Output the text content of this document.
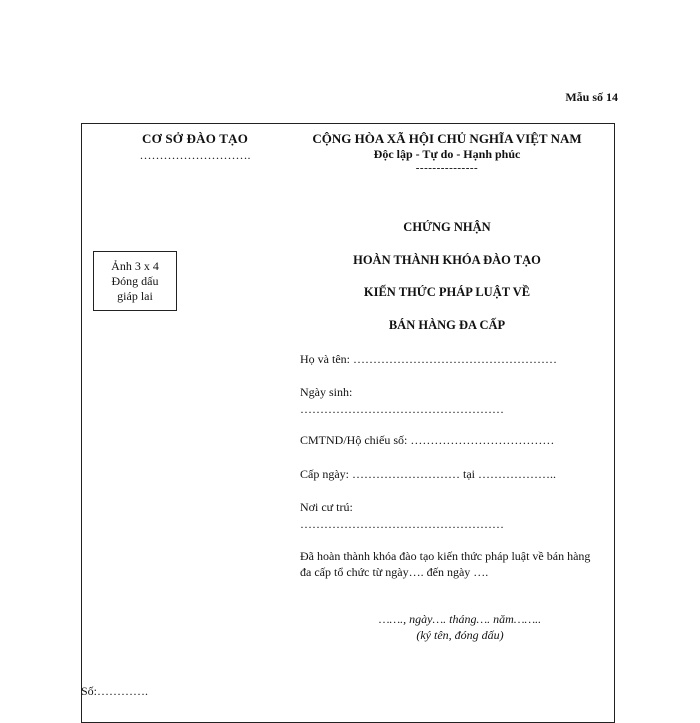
Mẫu số 14
CƠ SỞ ĐÀO TẠO
……………………….
CỘNG HÒA XÃ HỘI CHỦ NGHĨA VIỆT NAM
Độc lập - Tự do - Hạnh phúc
---------------
Ảnh 3 x 4
Đóng dấu
giáp lai
CHỨNG NHẬN
HOÀN THÀNH KHÓA ĐÀO TẠO
KIẾN THỨC PHÁP LUẬT VỀ
BÁN HÀNG ĐA CẤP
Họ và tên: ……………………………………………
Ngày sinh:
……………………………………………
CMTND/Hộ chiếu số: ………………………………
Cấp ngày: ……………………… tại ………………..
Nơi cư trú:
……………………………………………
Đã hoàn thành khóa đào tạo kiến thức pháp luật về bán hàng đa cấp tổ chức từ ngày…. đến ngày ….
……., ngày…. tháng…. năm……..
(ký tên, đóng dấu)
Số:………….
